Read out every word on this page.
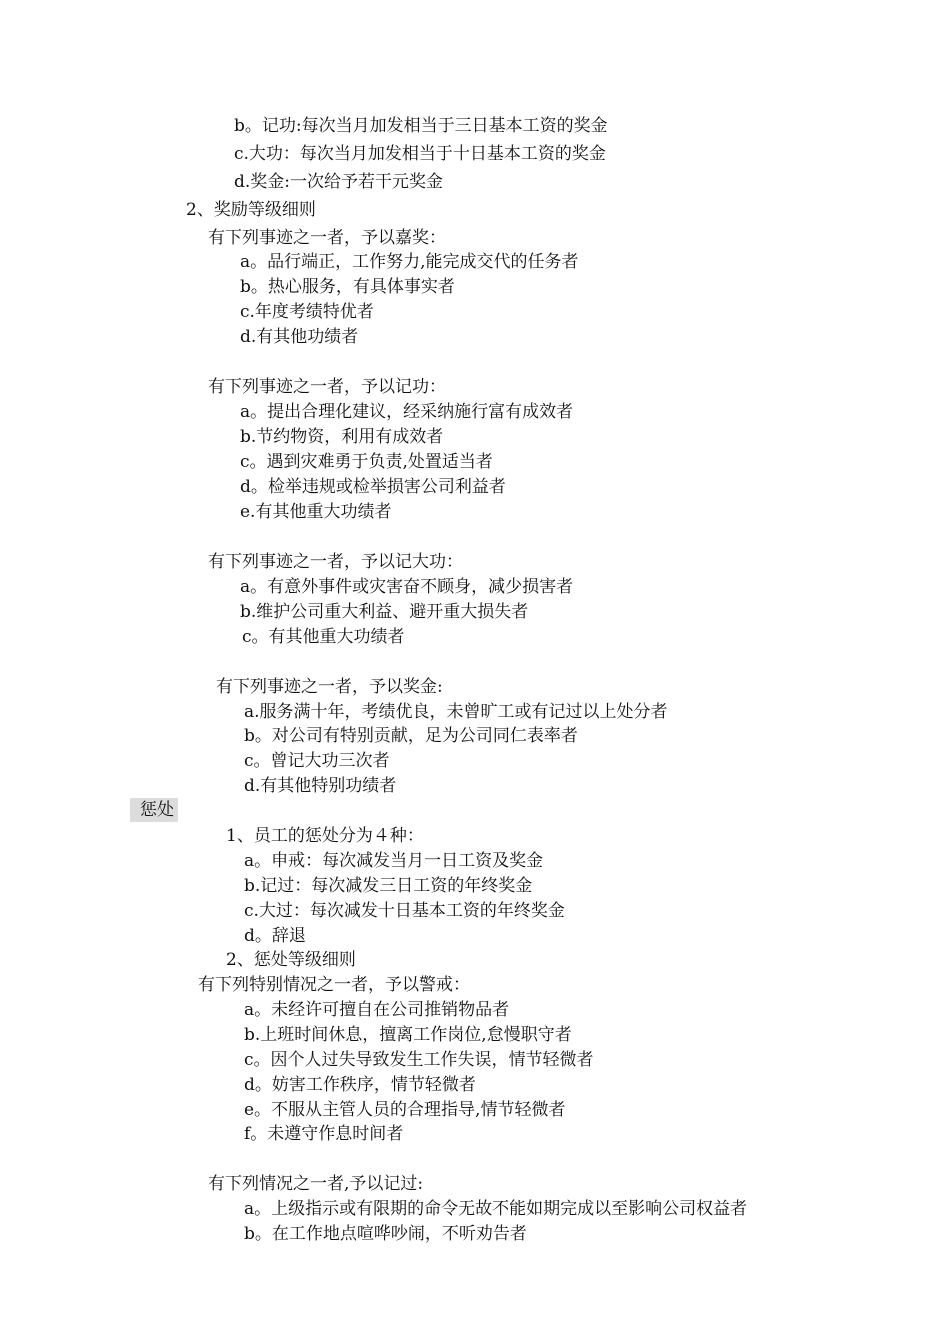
b。记功:每次当月加发相当于三日基本工资的奖金
c.大功：每次当月加发相当于十日基本工资的奖金
d.奖金:一次给予若干元奖金
2、奖励等级细则
有下列事迹之一者，予以嘉奖：
a。品行端正，工作努力,能完成交代的任务者
b。热心服务，有具体事实者
c.年度考绩特优者
d.有其他功绩者
有下列事迹之一者，予以记功：
a。提出合理化建议，经采纳施行富有成效者
b.节约物资，利用有成效者
c。遇到灾难勇于负责,处置适当者
d。检举违规或检举损害公司利益者
e.有其他重大功绩者
有下列事迹之一者，予以记大功：
a。有意外事件或灾害奋不顾身，减少损害者
b.维护公司重大利益、避开重大损失者
c。有其他重大功绩者
有下列事迹之一者，予以奖金:
a.服务满十年，考绩优良，未曾旷工或有记过以上处分者
b。对公司有特别贡献，足为公司同仁表率者
c。曾记大功三次者
d.有其他特别功绩者
惩处
1、员工的惩处分为４种：
a。申戒：每次减发当月一日工资及奖金
b.记过：每次减发三日工资的年终奖金
c.大过：每次减发十日基本工资的年终奖金
d。辞退
2、惩处等级细则
有下列特别情况之一者，予以警戒：
a。未经许可擅自在公司推销物品者
b.上班时间休息，擅离工作岗位,怠慢职守者
c。因个人过失导致发生工作失误，情节轻微者
d。妨害工作秩序，情节轻微者
e。不服从主管人员的合理指导,情节轻微者
f。未遵守作息时间者
有下列情况之一者,予以记过:
a。上级指示或有限期的命令无故不能如期完成以至影响公司权益者
b。在工作地点喧哗吵闹，不听劝告者
